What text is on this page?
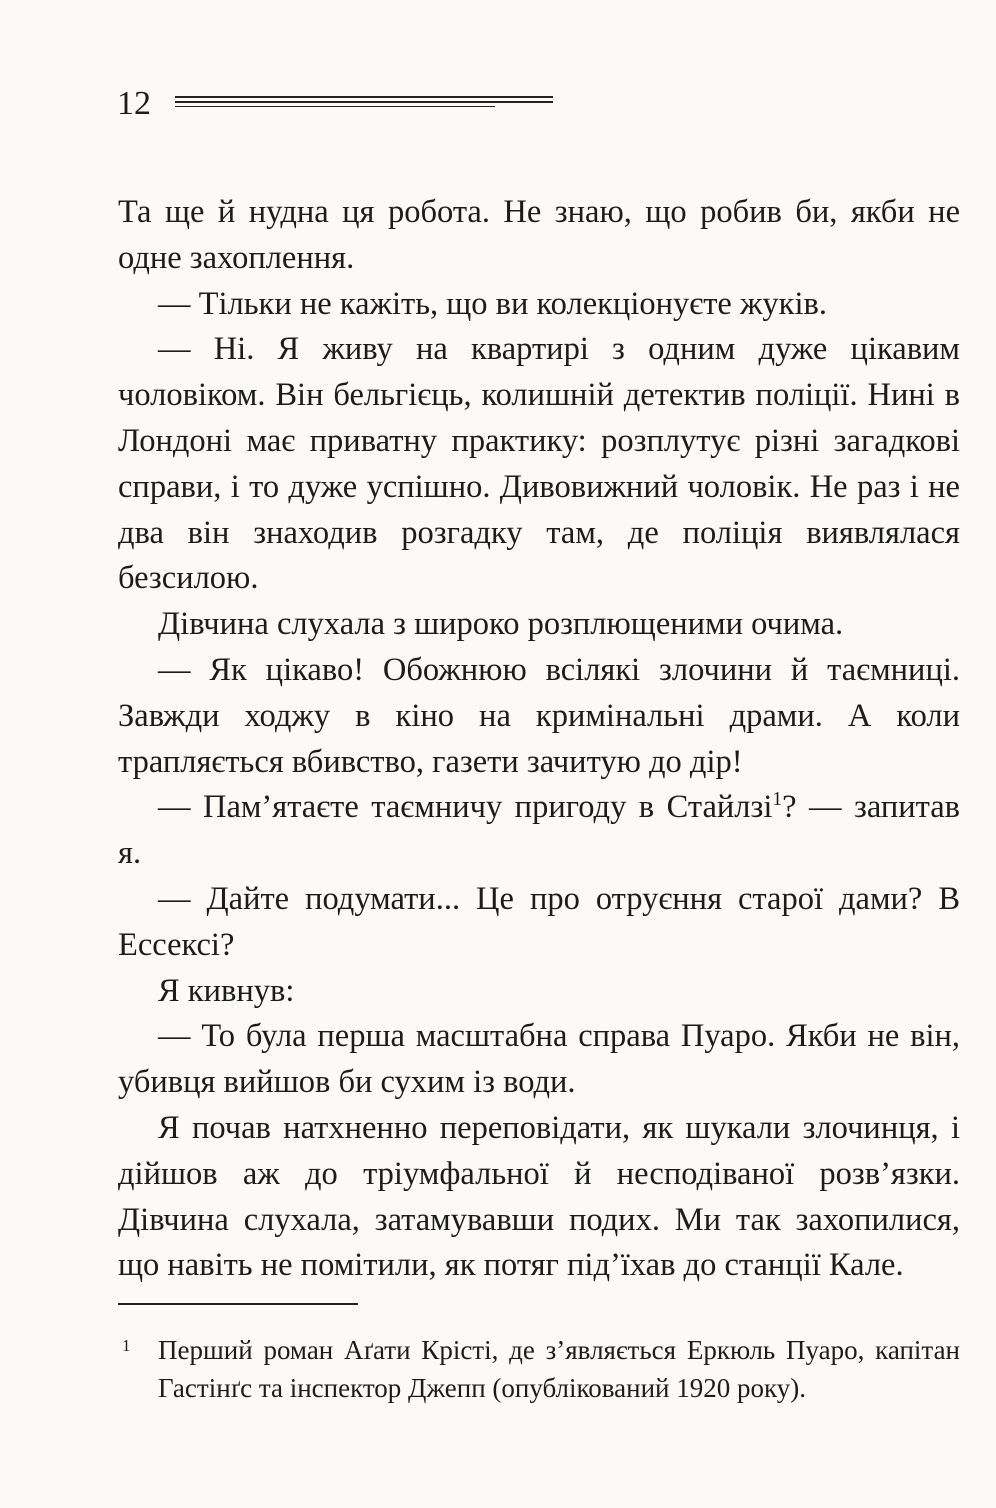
12

Та ще й нудна ця робота. Не знаю, що робив би, якби не одне захоплення.

— Тільки не кажіть, що ви колекціонуєте жуків.

— Ні. Я живу на квартирі з одним дуже цікавим чоловіком. Він бельгієць, колишній детектив поліції. Нині в Лондоні має приватну практику: розплутує різні загадкові справи, і то дуже успішно. Дивовижний чоловік. Не раз і не два він знаходив розгадку там, де поліція виявлялася безсилою.

Дівчина слухала з широко розплющеними очима.

— Як цікаво! Обожнюю всілякі злочини й таємниці. Завжди ходжу в кіно на кримінальні драми. А коли трапляється вбивство, газети зачитую до дір!

— Пам’ятаєте таємничу пригоду в Стайлзі$^1$? — запитав я.

— Дайте подумати... Це про отруєння старої дами? В Ессексі?

Я кивнув:

— То була перша масштабна справа Пуаро. Якби не він, убивця вийшов би сухим із води.

Я почав натхненно переповідати, як шукали злочинця, і дійшов аж до тріумфальної й несподіваної розв’язки. Дівчина слухала, затамувавши подих. Ми так захопилися, що навіть не помітили, як потяг під’їхав до станції Кале.

1 Перший роман Аґати Крісті, де з’являється Еркюль Пуаро, капітан Гастінґс та інспектор Джепп (опублікований 1920 року).
